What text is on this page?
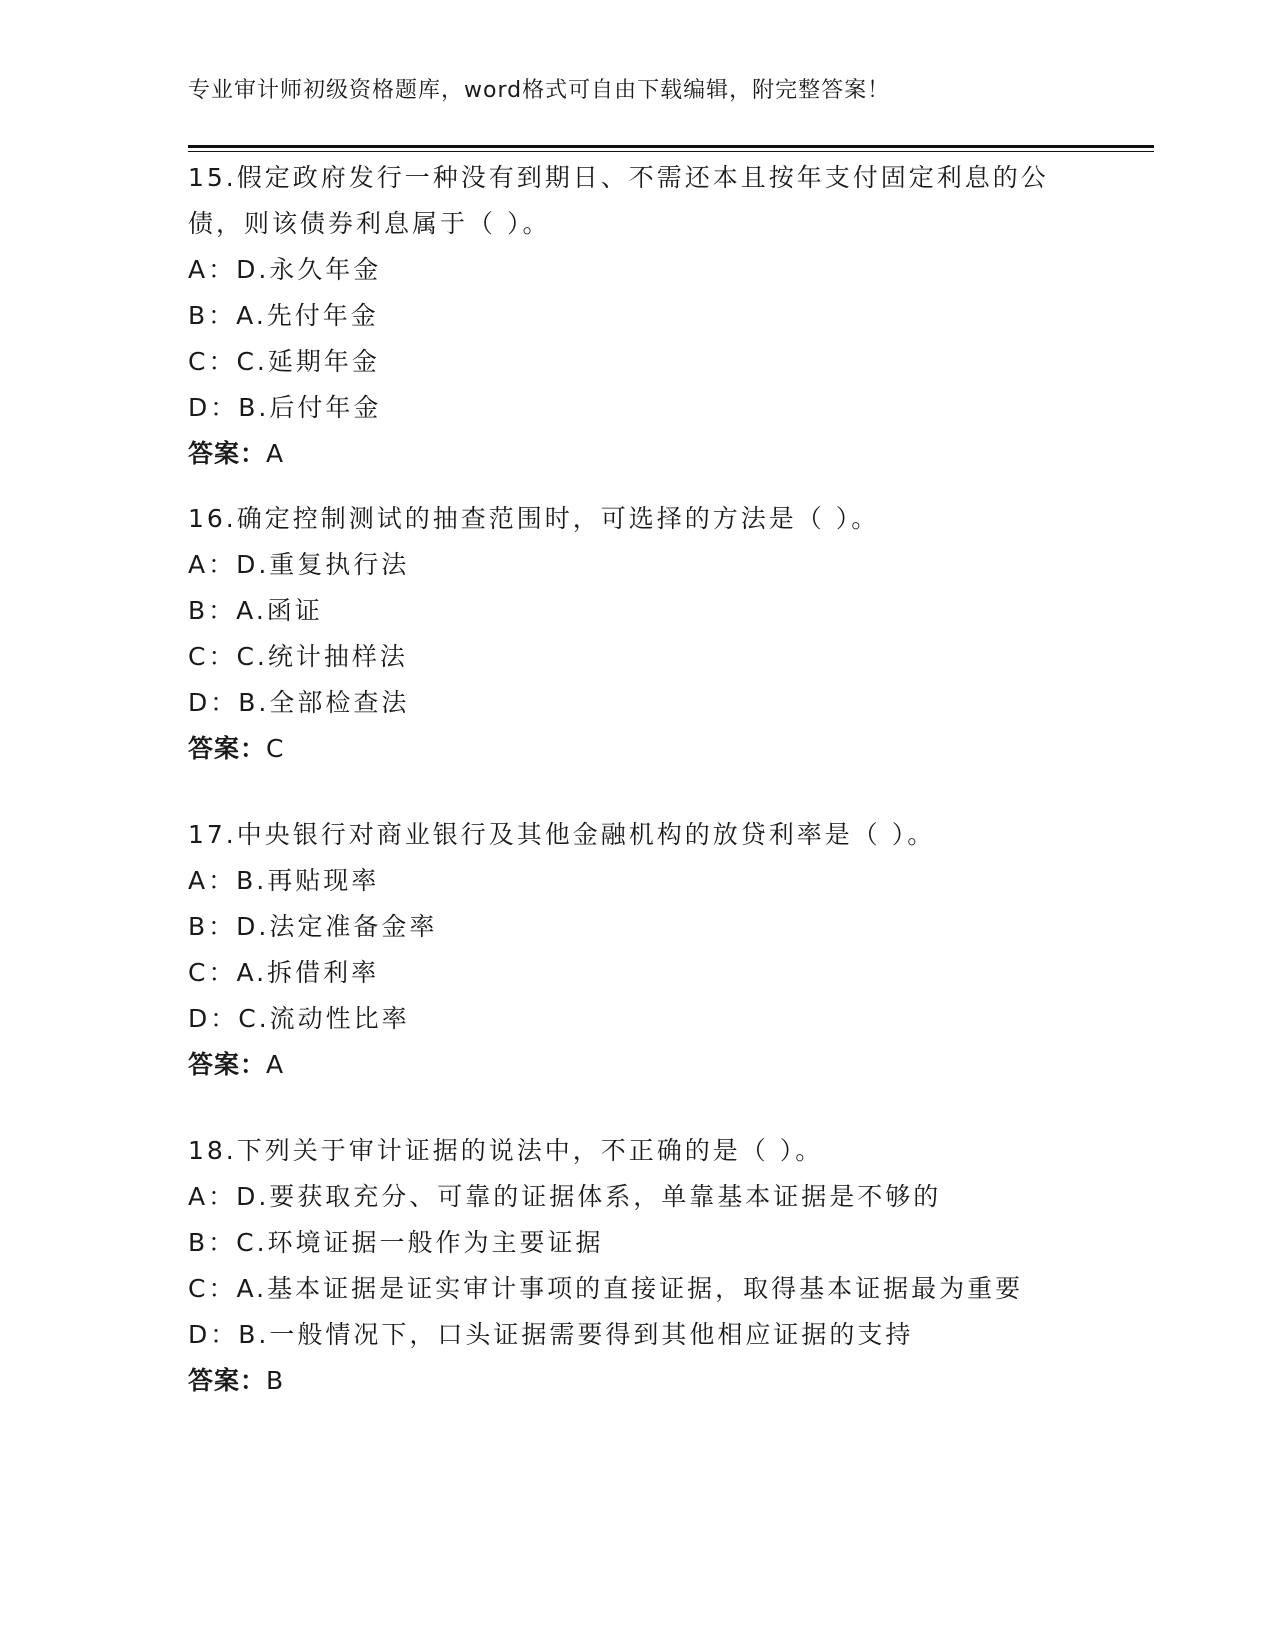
专业审计师初级资格题库，word格式可自由下载编辑，附完整答案！
15.假定政府发行一种没有到期日、不需还本且按年支付固定利息的公
债，则该债券利息属于（ ）。
A：D.永久年金
B：A.先付年金
C：C.延期年金
D：B.后付年金
答案：A
16.确定控制测试的抽查范围时，可选择的方法是（ ）。
A：D.重复执行法
B：A.函证
C：C.统计抽样法
D：B.全部检查法
答案：C
17.中央银行对商业银行及其他金融机构的放贷利率是（ ）。
A：B.再贴现率
B：D.法定准备金率
C：A.拆借利率
D：C.流动性比率
答案：A
18.下列关于审计证据的说法中，不正确的是（ ）。
A：D.要获取充分、可靠的证据体系，单靠基本证据是不够的
B：C.环境证据一般作为主要证据
C：A.基本证据是证实审计事项的直接证据，取得基本证据最为重要
D：B.一般情况下，口头证据需要得到其他相应证据的支持
答案：B
